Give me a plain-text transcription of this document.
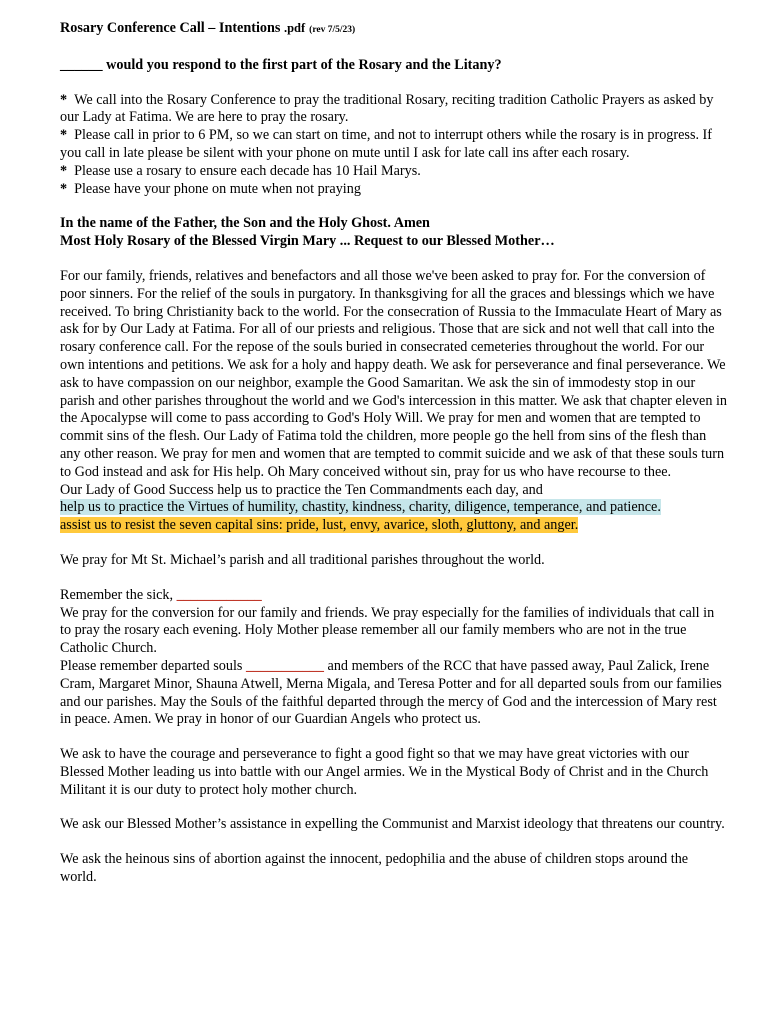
Rosary Conference Call – Intentions .pdf (rev 7/5/23)

______ would you respond to the first part of the Rosary and the Litany?

* We call into the Rosary Conference to pray the traditional Rosary, reciting tradition Catholic Prayers as asked by our Lady at Fatima. We are here to pray the rosary.

* Please call in prior to 6 PM, so we can start on time, and not to interrupt others while the rosary is in progress. If you call in late please be silent with your phone on mute until I ask for late call ins after each rosary.

* Please use a rosary to ensure each decade has 10 Hail Marys.

* Please have your phone on mute when not praying

In the name of the Father, the Son and the Holy Ghost. Amen

Most Holy Rosary of the Blessed Virgin Mary ... Request to our Blessed Mother…

For our family, friends, relatives and benefactors and all those we've been asked to pray for. For the conversion of poor sinners. For the relief of the souls in purgatory. In thanksgiving for all the graces and blessings which we have received. To bring Christianity back to the world. For the consecration of Russia to the Immaculate Heart of Mary as ask for by Our Lady at Fatima. For all of our priests and religious. Those that are sick and not well that call into the rosary conference call. For the repose of the souls buried in consecrated cemeteries throughout the world. For our own intentions and petitions. We ask for a holy and happy death. We ask for perseverance and final perseverance. We ask to have compassion on our neighbor, example the Good Samaritan. We ask the sin of immodesty stop in our parish and other parishes throughout the world and we God's intercession in this matter. We ask that chapter eleven in the Apocalypse will come to pass according to God's Holy Will. We pray for men and women that are tempted to commit sins of the flesh. Our Lady of Fatima told the children, more people go the hell from sins of the flesh than any other reason. We pray for men and women that are tempted to commit suicide and we ask of that these souls turn to God instead and ask for His help. Oh Mary conceived without sin, pray for us who have recourse to thee.

Our Lady of Good Success help us to practice the Ten Commandments each day, and

help us to practice the Virtues of humility, chastity, kindness, charity, diligence, temperance, and patience.

assist us to resist the seven capital sins: pride, lust, envy, avarice, sloth, gluttony, and anger.

We pray for Mt St. Michael’s parish and all traditional parishes throughout the world.

Remember the sick, ____________

We pray for the conversion for our family and friends. We pray especially for the families of individuals that call in to pray the rosary each evening. Holy Mother please remember all our family members who are not in the true Catholic Church.

Please remember departed souls ___________ and members of the RCC that have passed away, Paul Zalick, Irene Cram, Margaret Minor, Shauna Atwell, Merna Migala, and Teresa Potter and for all departed souls from our families and our parishes. May the Souls of the faithful departed through the mercy of God and the intercession of Mary rest in peace. Amen. We pray in honor of our Guardian Angels who protect us.

We ask to have the courage and perseverance to fight a good fight so that we may have great victories with our Blessed Mother leading us into battle with our Angel armies. We in the Mystical Body of Christ and in the Church Militant it is our duty to protect holy mother church.

We ask our Blessed Mother’s assistance in expelling the Communist and Marxist ideology that threatens our country.

We ask the heinous sins of abortion against the innocent, pedophilia and the abuse of children stops around the world.
